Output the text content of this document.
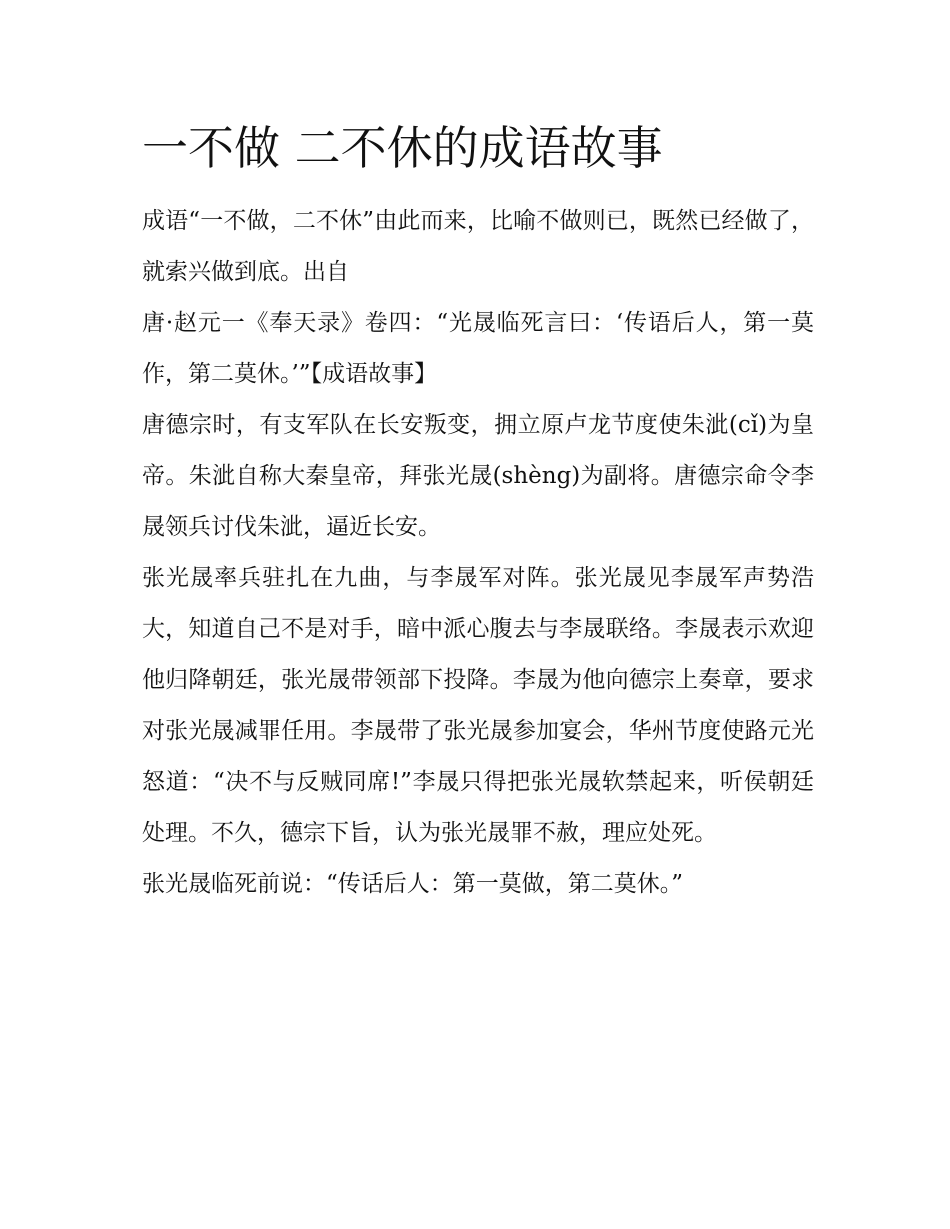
一不做 二不休的成语故事

成语“一不做，二不休”由此而来，比喻不做则已，既然已经做了，就索兴做到底。出自

唐·赵元一《奉天录》卷四：“光晟临死言曰：‘传语后人，第一莫作，第二莫休。’”【成语故事】

唐德宗时，有支军队在长安叛变，拥立原卢龙节度使朱泚(cǐ)为皇帝。朱泚自称大秦皇帝，拜张光晟(shèng)为副将。唐德宗命令李晟领兵讨伐朱泚，逼近长安。

张光晟率兵驻扎在九曲，与李晟军对阵。张光晟见李晟军声势浩大，知道自己不是对手，暗中派心腹去与李晟联络。李晟表示欢迎他归降朝廷，张光晟带领部下投降。李晟为他向德宗上奏章，要求对张光晟减罪任用。李晟带了张光晟参加宴会，华州节度使路元光怒道：“决不与反贼同席!”李晟只得把张光晟软禁起来，听侯朝廷处理。不久，德宗下旨，认为张光晟罪不赦，理应处死。

张光晟临死前说：“传话后人：第一莫做，第二莫休。”
